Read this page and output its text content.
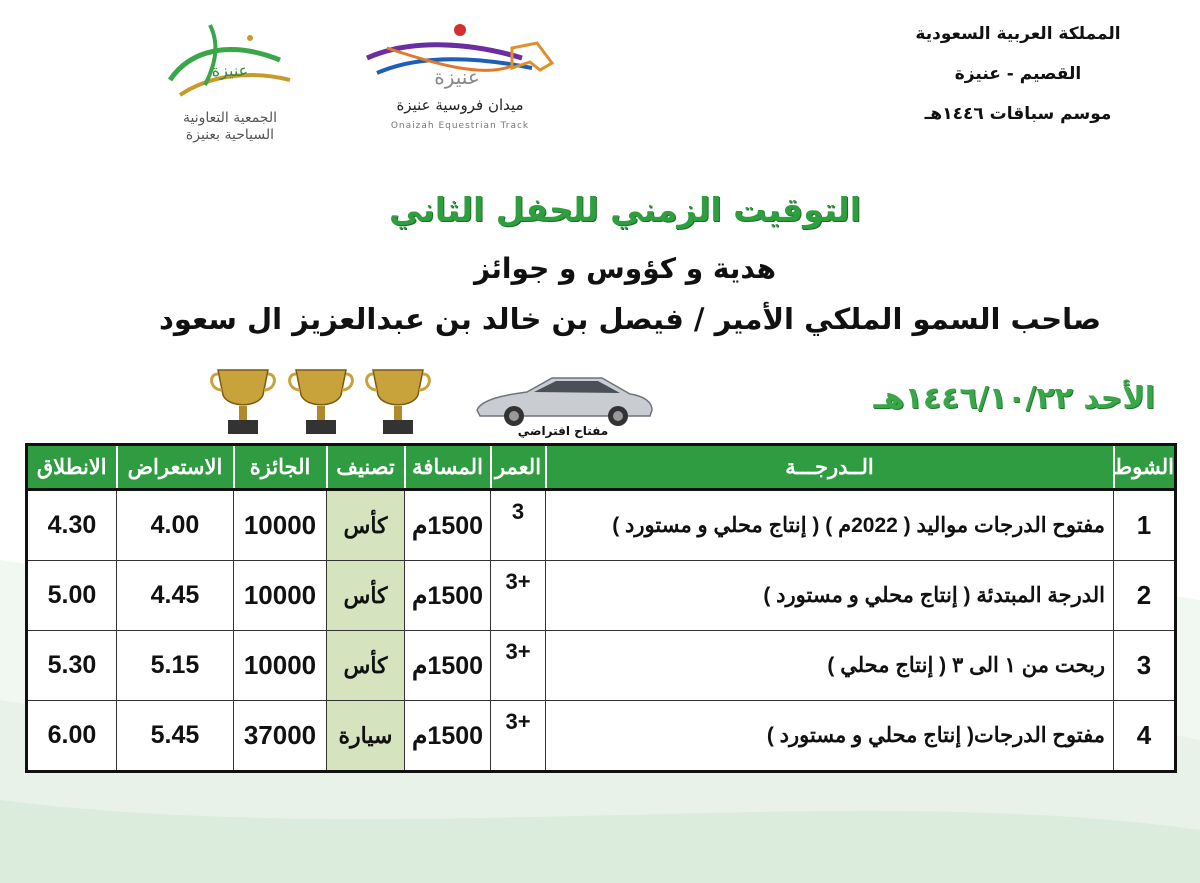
المملكة العربية السعودية
القصيم - عنيزة
موسم سباقات ١٤٤٦هـ
عنيزة
ميدان فروسية عنيزة
Onaizah Equestrian Track
عنيزة
الجمعية التعاونية
السياحية بعنيزة
التوقيت الزمني للحفل الثاني
هدية و كؤوس و جوائز
صاحب السمو الملكي الأمير / فيصل بن خالد بن عبدالعزيز ال سعود
مفتاح افتراضي
الأحد ١٤٤٦/١٠/٢٢هـ
الشوط	الــدرجـــة	العمر	المسافة	تصنيف	الجائزة	الاستعراض	الانطلاق
1	مفتوح الدرجات مواليد ( 2022م ) ( إنتاج محلي و مستورد )	3	1500م	كأس	10000	4.00	4.30
2	الدرجة المبتدئة ( إنتاج محلي و مستورد )	+3	1500م	كأس	10000	4.45	5.00
3	ربحت من ١ الى ٣ ( إنتاج محلي )	+3	1500م	كأس	10000	5.15	5.30
4	مفتوح الدرجات( إنتاج محلي و مستورد )	+3	1500م	سيارة	37000	5.45	6.00
